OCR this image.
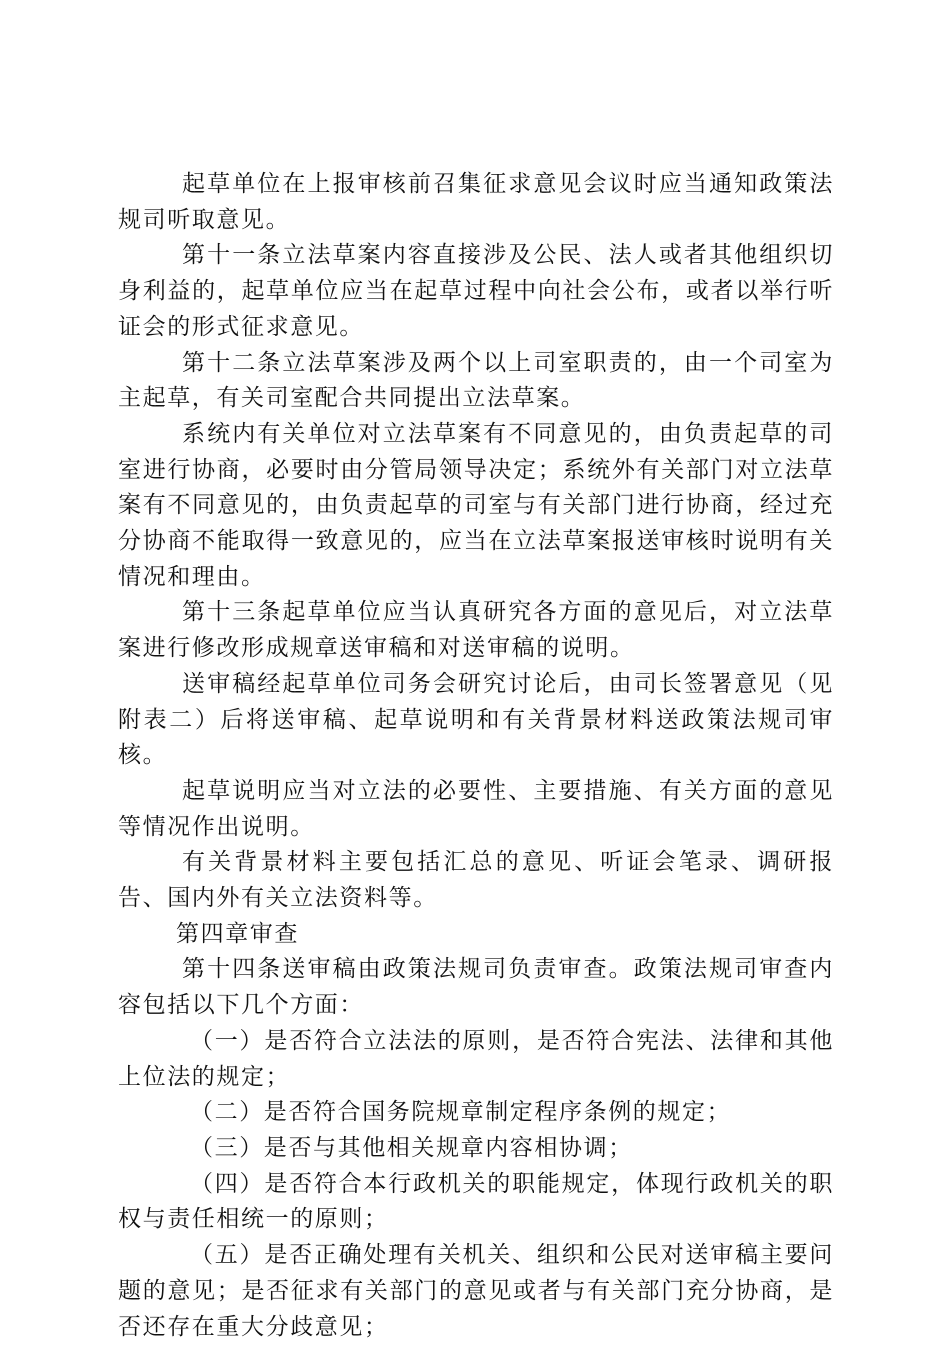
起草单位在上报审核前召集征求意见会议时应当通知政策法规司听取意见。

第十一条立法草案内容直接涉及公民、法人或者其他组织切身利益的，起草单位应当在起草过程中向社会公布，或者以举行听证会的形式征求意见。

第十二条立法草案涉及两个以上司室职责的，由一个司室为主起草，有关司室配合共同提出立法草案。

系统内有关单位对立法草案有不同意见的，由负责起草的司室进行协商，必要时由分管局领导决定；系统外有关部门对立法草案有不同意见的，由负责起草的司室与有关部门进行协商，经过充分协商不能取得一致意见的，应当在立法草案报送审核时说明有关情况和理由。

第十三条起草单位应当认真研究各方面的意见后，对立法草案进行修改形成规章送审稿和对送审稿的说明。

送审稿经起草单位司务会研究讨论后，由司长签署意见（见附表二）后将送审稿、起草说明和有关背景材料送政策法规司审核。

起草说明应当对立法的必要性、主要措施、有关方面的意见等情况作出说明。

有关背景材料主要包括汇总的意见、听证会笔录、调研报告、国内外有关立法资料等。

第四章审查

第十四条送审稿由政策法规司负责审查。政策法规司审查内容包括以下几个方面：

（一）是否符合立法法的原则，是否符合宪法、法律和其他上位法的规定；

（二）是否符合国务院规章制定程序条例的规定；

（三）是否与其他相关规章内容相协调；

（四）是否符合本行政机关的职能规定，体现行政机关的职权与责任相统一的原则；

（五）是否正确处理有关机关、组织和公民对送审稿主要问题的意见；是否征求有关部门的意见或者与有关部门充分协商，是否还存在重大分歧意见；
